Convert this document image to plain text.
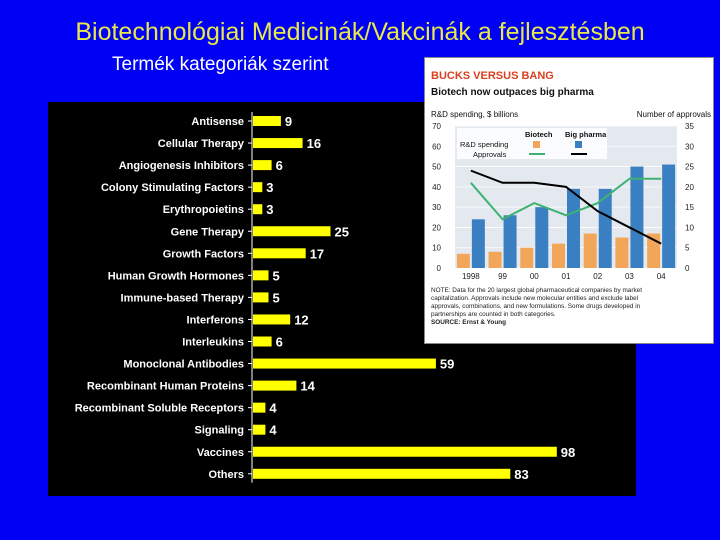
Biotechnológiai Medicinák/Vakcinák a fejlesztésben
Termék kategoriák szerint
Antisense	9
Cellular Therapy	16
Angiogenesis Inhibitors 6
Colony Stimulating Factors 3
Erythropoietins 3
Gene Therapy	25
Growth Factors	17
Human Growth Hormones 5
Immune-based Therapy 5
Interferons	12
Interleukins 6
Monoclonal Antibodies	59
Recombinant Human Proteins	14
Recombinant Soluble Receptors 4
Signaling 4
Vaccines	98
Others	83
BUCKS VERSUS BANG
Biotech now outpaces big pharma
R&D spending, $ billions	Number of approvals
0
10
20
30
40
50
60
70
0
5
10
15
20
25
30
35
1998 99	00	01	02	03	04
Biotech Big pharma
R&D spending
Approvals
NOTE: Data for the 20 largest global pharmaceutical companies by market capitalization. Approvals include new molecular entities and exclude label approvals, combinations, and new formulations. Some drugs developed in partnerships are counted in both categories.
SOURCE: Ernst & Young
